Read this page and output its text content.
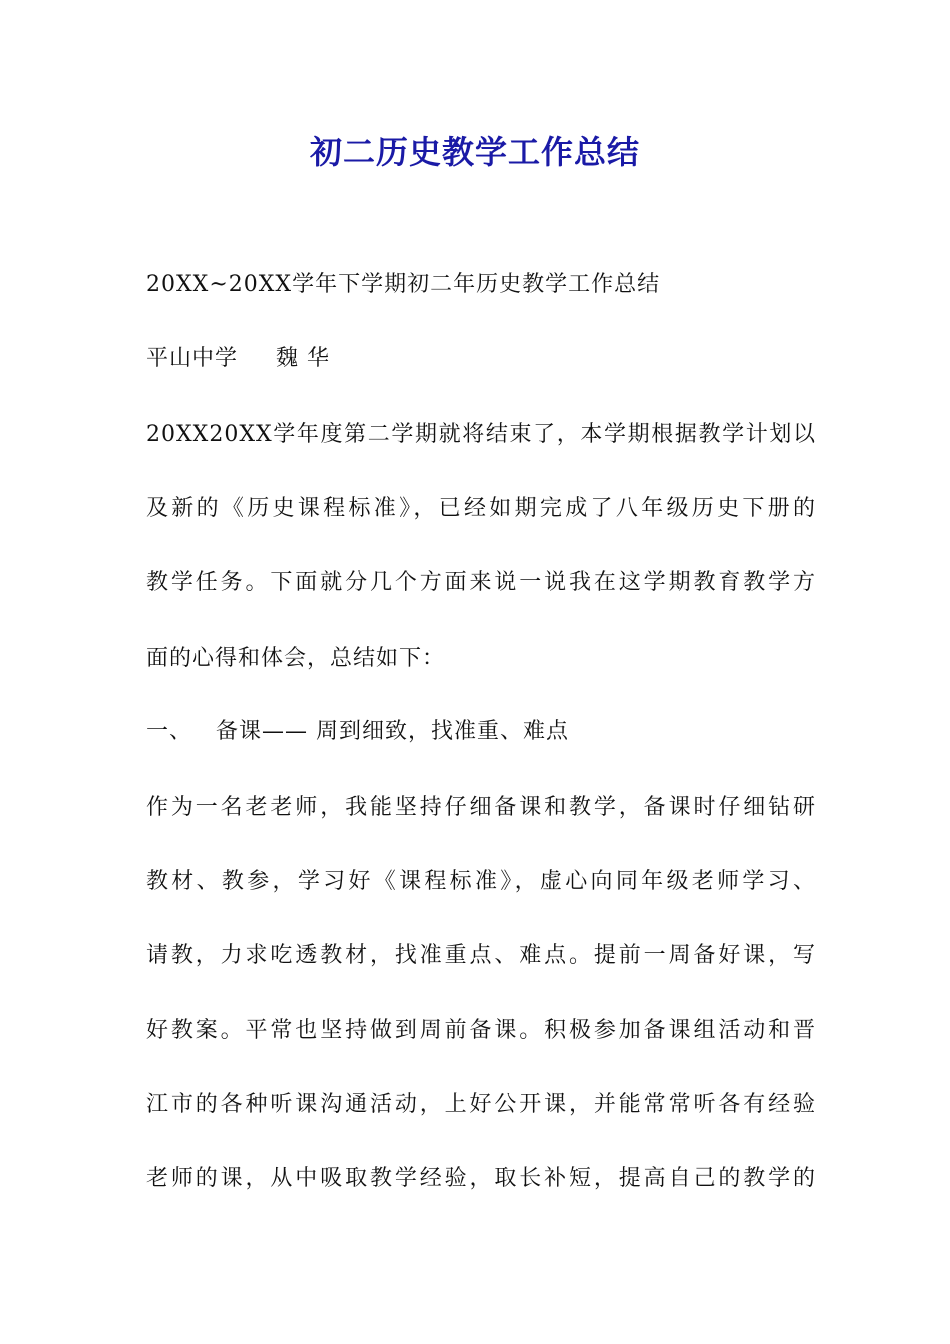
初二历史教学工作总结
20XX~20XX学年下学期初二年历史教学工作总结
平山中学 魏 华
20XX20XX学年度第二学期就将结束了，本学期根据教学计划以
及新的《历史课程标准》，已经如期完成了八年级历史下册的
教学任务。下面就分几个方面来说一说我在这学期教育教学方
面的心得和体会，总结如下：
一、 备课—— 周到细致，找准重、难点
作为一名老老师，我能坚持仔细备课和教学，备课时仔细钻研
教材、教参，学习好《课程标准》，虚心向同年级老师学习、
请教，力求吃透教材，找准重点、难点。提前一周备好课，写
好教案。平常也坚持做到周前备课。积极参加备课组活动和晋
江市的各种听课沟通活动，上好公开课，并能常常听各有经验
老师的课，从中吸取教学经验，取长补短，提高自己的教学的
